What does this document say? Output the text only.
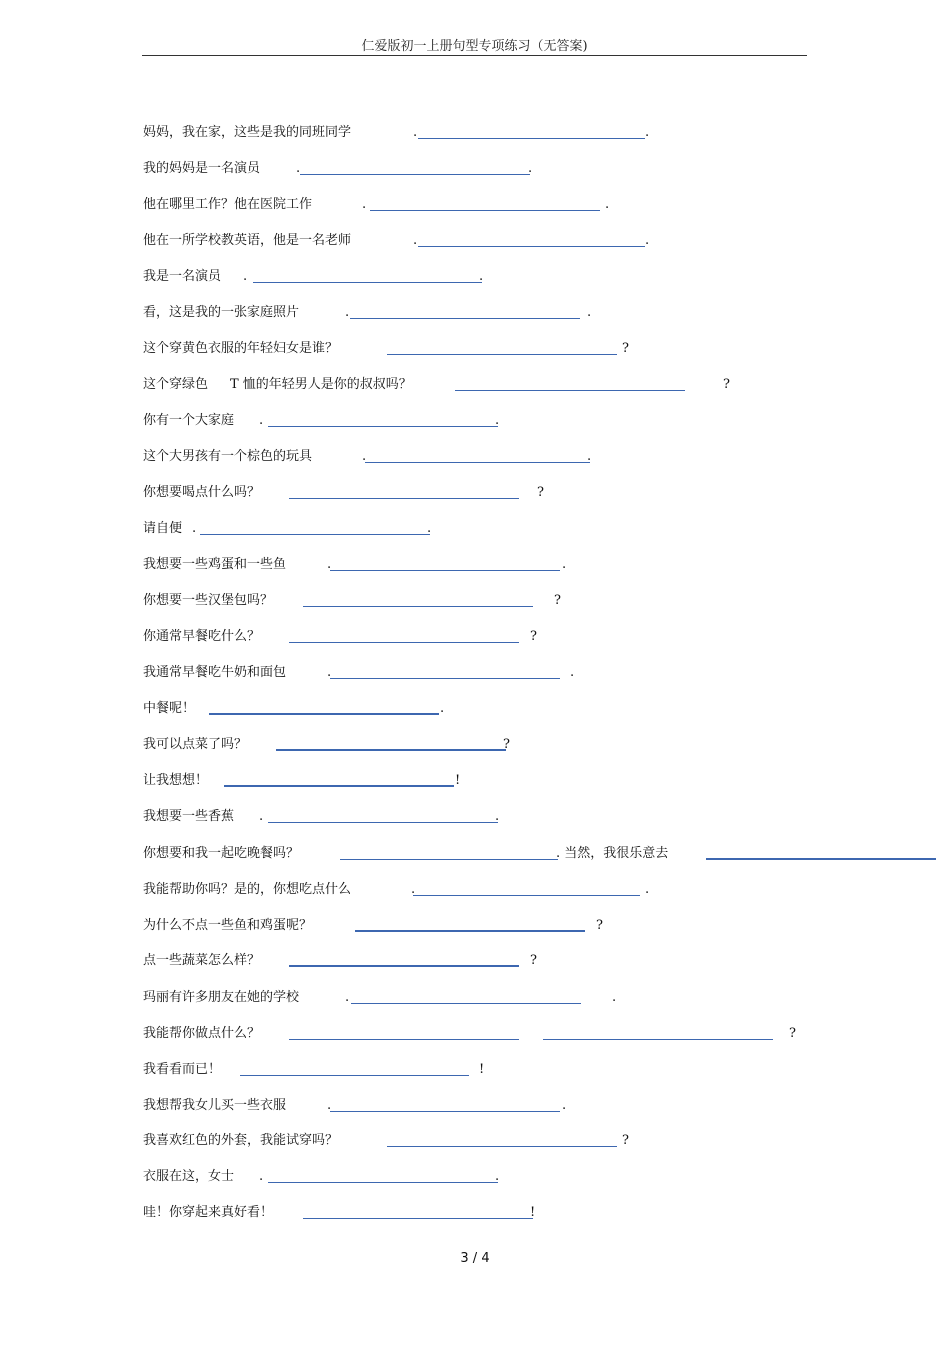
仁爱版初一上册句型专项练习（无答案)
妈妈，我在家，这些是我的同班同学	.	.
我的妈妈是一名演员	.	.
他在哪里工作？他在医院工作	.	.
他在一所学校教英语，他是一名老师	.	.
我是一名演员 .	.
看，这是我的一张家庭照片	.	.
这个穿黄色衣服的年轻妇女是谁？	?
这个穿绿色 T 恤的年轻男人是你的叔叔吗？	?
你有一个大家庭 .	.
这个大男孩有一个棕色的玩具	.	.
你想要喝点什么吗？	?
请自便 .	.
我想要一些鸡蛋和一些鱼	.	.
你想要一些汉堡包吗？	?
你通常早餐吃什么？	?
我通常早餐吃牛奶和面包	.	.
中餐呢！	.
我可以点菜了吗？	?
让我想想！	!
我想要一些香蕉 .	.
你想要和我一起吃晚餐吗？	. 当然，我很乐意去
我能帮助你吗？是的，你想吃点什么	.	.
为什么不点一些鱼和鸡蛋呢？	?
点一些蔬菜怎么样？	?
玛丽有许多朋友在她的学校	.	.
我能帮你做点什么？	?
我看看而已！	!
我想帮我女儿买一些衣服	.	.
我喜欢红色的外套，我能试穿吗？	?
衣服在这，女士 .	.
哇！你穿起来真好看！	!
3 / 4
